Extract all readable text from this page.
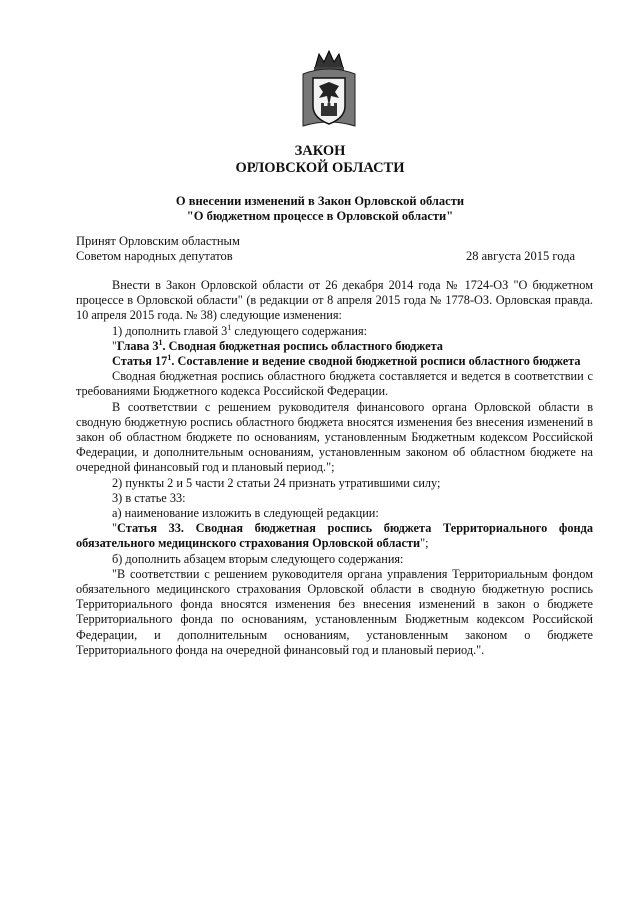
ЗАКОН
ОРЛОВСКОЙ ОБЛАСТИ
О внесении изменений в Закон Орловской области
"О бюджетном процессе в Орловской области"
Принят Орловским областным
Советом народных депутатов	28 августа 2015 года

Внести в Закон Орловской области от 26 декабря 2014 года № 1724-ОЗ "О бюджетном процессе в Орловской области" (в редакции от 8 апреля 2015 года № 1778-ОЗ. Орловская правда. 10 апреля 2015 года. № 38) следующие изменения:

1) дополнить главой $3^1$ следующего содержания:

"Глава $3^1$. Сводная бюджетная роспись областного бюджета

Статья $17^1$. Составление и ведение сводной бюджетной росписи областного бюджета

Сводная бюджетная роспись областного бюджета составляется и ведется в соответствии с требованиями Бюджетного кодекса Российской Федерации.

В соответствии с решением руководителя финансового органа Орловской области в сводную бюджетную роспись областного бюджета вносятся изменения без внесения изменений в закон об областном бюджете по основаниям, установленным Бюджетным кодексом Российской Федерации, и дополнительным основаниям, установленным законом об областном бюджете на очередной финансовый год и плановый период.";

2) пункты 2 и 5 части 2 статьи 24 признать утратившими силу;

3) в статье 33:

а) наименование изложить в следующей редакции:

"Статья 33. Сводная бюджетная роспись бюджета Территориального фонда обязательного медицинского страхования Орловской области";

б) дополнить абзацем вторым следующего содержания:

"В соответствии с решением руководителя органа управления Территориальным фондом обязательного медицинского страхования Орловской области в сводную бюджетную роспись Территориального фонда вносятся изменения без внесения изменений в закон о бюджете Территориального фонда по основаниям, установленным Бюджетным кодексом Российской Федерации, и дополнительным основаниям, установленным законом о бюджете Территориального фонда на очередной финансовый год и плановый период.".
